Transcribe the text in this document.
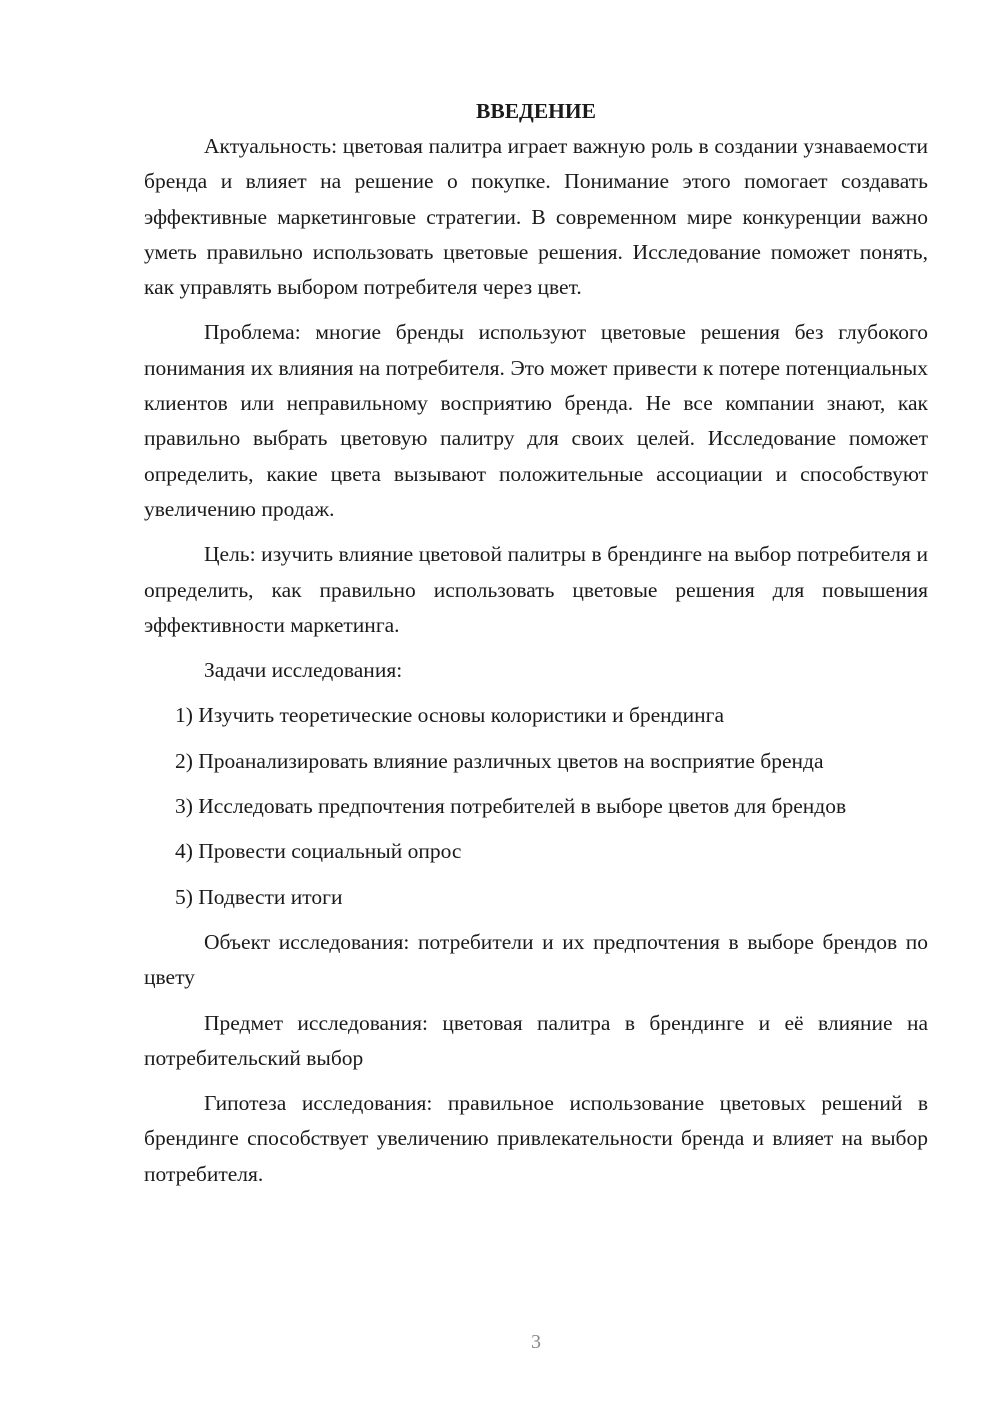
ВВЕДЕНИЕ

Актуальность: цветовая палитра играет важную роль в создании узнаваемости бренда и влияет на решение о покупке. Понимание этого помогает создавать эффективные маркетинговые стратегии. В современном мире конкуренции важно уметь правильно использовать цветовые решения. Исследование поможет понять, как управлять выбором потребителя через цвет.

Проблема: многие бренды используют цветовые решения без глубокого понимания их влияния на потребителя. Это может привести к потере потенциальных клиентов или неправильному восприятию бренда. Не все компании знают, как правильно выбрать цветовую палитру для своих целей. Исследование поможет определить, какие цвета вызывают положительные ассоциации и способствуют увеличению продаж.

Цель: изучить влияние цветовой палитры в брендинге на выбор потребителя и определить, как правильно использовать цветовые решения для повышения эффективности маркетинга.

Задачи исследования:

1) Изучить теоретические основы колористики и брендинга

2) Проанализировать влияние различных цветов на восприятие бренда

3) Исследовать предпочтения потребителей в выборе цветов для брендов

4) Провести социальный опрос

5) Подвести итоги

Объект исследования: потребители и их предпочтения в выборе брендов по цвету

Предмет исследования: цветовая палитра в брендинге и её влияние на потребительский выбор

Гипотеза исследования: правильное использование цветовых решений в брендинге способствует увеличению привлекательности бренда и влияет на выбор потребителя.

3
